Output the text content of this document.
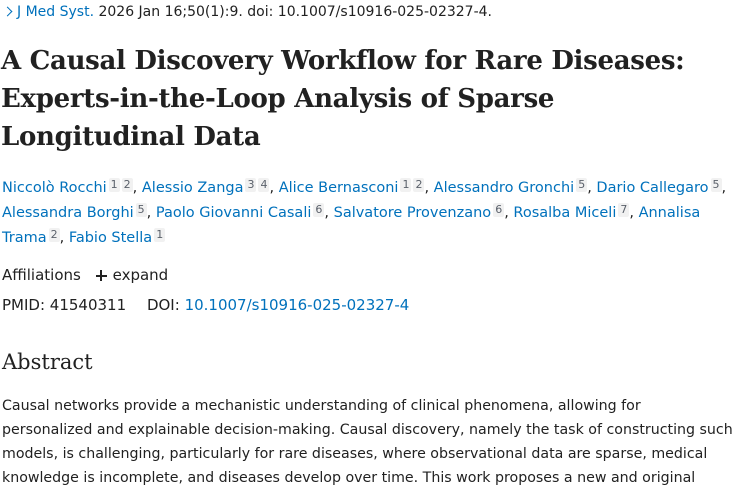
J Med Syst. 2026 Jan 16;50(1):9. doi: 10.1007/s10916-025-02327-4.
A Causal Discovery Workflow for Rare Diseases:
Experts-in-the-Loop Analysis of Sparse
Longitudinal Data
Niccolò Rocchi 1 2 , Alessio Zanga 3 4 , Alice Bernasconi 1 2 , Alessandro Gronchi 5 , Dario Callegaro 5 , Alessandra Borghi 5 , Paolo Giovanni Casali 6 , Salvatore Provenzano 6 , Rosalba Miceli 7 , Annalisa Trama 2 , Fabio Stella 1
Affiliations expand
PMID: 41540311 DOI: 10.1007/s10916-025-02327-4
Abstract

Causal networks provide a mechanistic understanding of clinical phenomena, allowing for
personalized and explainable decision-making. Causal discovery, namely the task of constructing such
models, is challenging, particularly for rare diseases, where observational data are sparse, medical
knowledge is incomplete, and diseases develop over time. This work proposes a new and original
